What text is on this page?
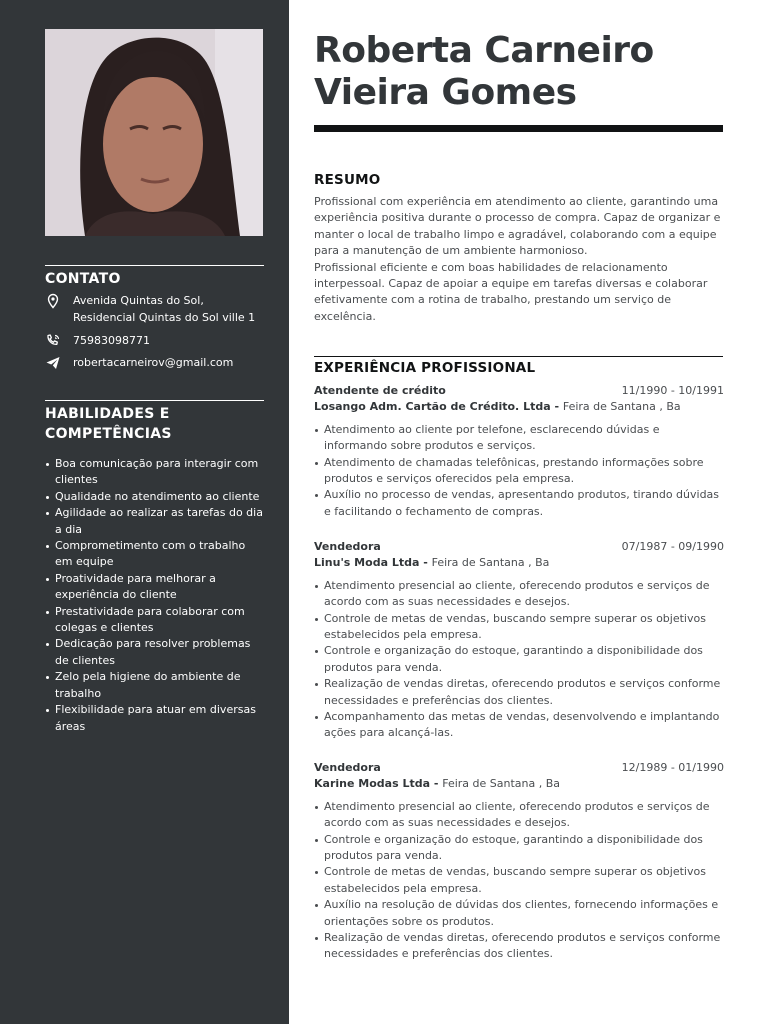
CONTATO
Avenida Quintas do Sol, Residencial Quintas do Sol ville 1
75983098771
robertacarneirov@gmail.com
HABILIDADES E COMPETÊNCIAS
Boa comunicação para interagir com clientes
Qualidade no atendimento ao cliente
Agilidade ao realizar as tarefas do dia a dia
Comprometimento com o trabalho em equipe
Proatividade para melhorar a experiência do cliente
Prestatividade para colaborar com colegas e clientes
Dedicação para resolver problemas de clientes
Zelo pela higiene do ambiente de trabalho
Flexibilidade para atuar em diversas áreas
Roberta Carneiro Vieira Gomes
RESUMO

Profissional com experiência em atendimento ao cliente, garantindo uma experiência positiva durante o processo de compra. Capaz de organizar e manter o local de trabalho limpo e agradável, colaborando com a equipe para a manutenção de um ambiente harmonioso.

Profissional eficiente e com boas habilidades de relacionamento interpessoal. Capaz de apoiar a equipe em tarefas diversas e colaborar efetivamente com a rotina de trabalho, prestando um serviço de excelência.

EXPERIÊNCIA PROFISSIONAL
Atendente de crédito	11/1990 - 10/1991
Losango Adm. Cartão de Crédito. Ltda - Feira de Santana , Ba
Atendimento ao cliente por telefone, esclarecendo dúvidas e informando sobre produtos e serviços.
Atendimento de chamadas telefônicas, prestando informações sobre produtos e serviços oferecidos pela empresa.
Auxílio no processo de vendas, apresentando produtos, tirando dúvidas e facilitando o fechamento de compras.
Vendedora	07/1987 - 09/1990
Linu's Moda Ltda - Feira de Santana , Ba
Atendimento presencial ao cliente, oferecendo produtos e serviços de acordo com as suas necessidades e desejos.
Controle de metas de vendas, buscando sempre superar os objetivos estabelecidos pela empresa.
Controle e organização do estoque, garantindo a disponibilidade dos produtos para venda.
Realização de vendas diretas, oferecendo produtos e serviços conforme necessidades e preferências dos clientes.
Acompanhamento das metas de vendas, desenvolvendo e implantando ações para alcançá-las.
Vendedora	12/1989 - 01/1990
Karine Modas Ltda - Feira de Santana , Ba
Atendimento presencial ao cliente, oferecendo produtos e serviços de acordo com as suas necessidades e desejos.
Controle e organização do estoque, garantindo a disponibilidade dos produtos para venda.
Controle de metas de vendas, buscando sempre superar os objetivos estabelecidos pela empresa.
Auxílio na resolução de dúvidas dos clientes, fornecendo informações e orientações sobre os produtos.
Realização de vendas diretas, oferecendo produtos e serviços conforme necessidades e preferências dos clientes.
